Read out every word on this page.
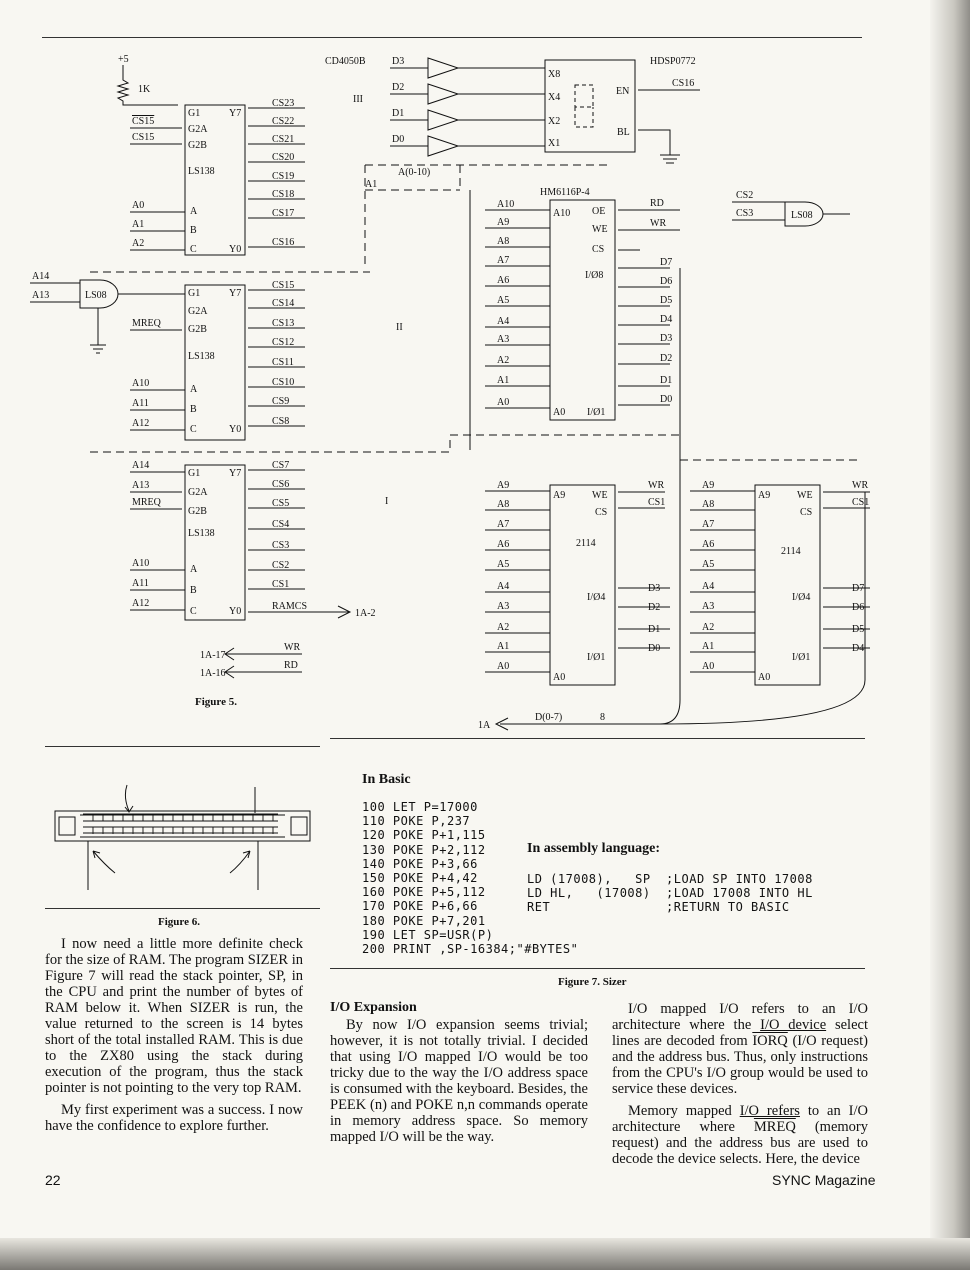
+5
1K
G1
G2A
G2B
LS138
A
B
C
Y7
Y0
CS15
CS15
A0
A1
A2
CS23
CS22
CS21
CS20
CS19
CS18
CS17
CS16
LS08
A14
A13	G1
G2A
G2B
LS138
A
B
C
Y7
Y0
MREQ
A10
A11
A12
CS15
CS14
CS13
CS12
CS11
CS10
CS9
CS8
II
G1
G2A
G2B
LS138
A
B
C
Y7
Y0
A14
A13
MREQ
A10
A11
A12
CS7
CS6
CS5
CS4
CS3
CS2
CS1
RAMCS
1A-2
I
1A-17
1A-16
WR
RD
Figure 5.
CD4050B
III
D3
D2
D1
D0
HDSP0772
X8
X4
X2
X1
EN
BL
CS16
A(0-10)
A1
HM6116P-4
A10 OE
WE
CS
I/Ø8
A0 I/Ø1
A10
A9
A8
A7
A6
A5
A4
A3
A2
A1
A0
RD
WR
D7
D6
D5
D4
D3
D2
D1
D0
LS08
CS2
CS3
A9	WE
CS
2114
I/Ø4
I/Ø1
A0
A9
A8
A7
A6
A5
A4
A3
A2
A1
A0
WR
CS1
D3
D2
D1
D0
A9	WE
CS
2114
I/Ø4
I/Ø1
A0
A9
A8
A7
A6
A5
A4
A3
A2
A1
A0
WR
CS1
D7
D6
D5
D4
1A
D(0-7)	8
KEY
1	23
A
B
CUT HERE
Figure 6.

I now need a little more definite check for the size of RAM. The program SIZER in Figure 7 will read the stack pointer, SP, in the CPU and print the number of bytes of RAM below it. When SIZER is run, the value returned to the screen is 14 bytes short of the total installed RAM. This is due to the ZX80 using the stack during execution of the program, thus the stack pointer is not pointing to the very top RAM.

My first experiment was a success. I now have the confidence to explore further.

In Basic
100 LET P=17000
110 POKE P,237
120 POKE P+1,115
130 POKE P+2,112
140 POKE P+3,66
150 POKE P+4,42
160 POKE P+5,112
170 POKE P+6,66
180 POKE P+7,201
190 LET SP=USR(P)
200 PRINT ,SP-16384;"#BYTES"
In assembly language:
LD (17008),   SP  ;LOAD SP INTO 17008
LD HL,   (17008)  ;LOAD 17008 INTO HL
RET               ;RETURN TO BASIC
Figure 7. Sizer
I/O Expansion

By now I/O expansion seems trivial; however, it is not totally trivial. I decided that using I/O mapped I/O would be too tricky due to the way the I/O address space is consumed with the keyboard. Besides, the PEEK (n) and POKE n,n commands operate in memory address space. So memory mapped I/O will be the way.

I/O mapped I/O refers to an I/O architecture where the I/O device select lines are decoded from IORQ (I/O request) and the address bus. Thus, only instructions from the CPU's I/O group would be used to service these devices.

Memory mapped I/O refers to an I/O architecture where MREQ (memory request) and the address bus are used to decode the device selects. Here, the device

22	SYNC Magazine
